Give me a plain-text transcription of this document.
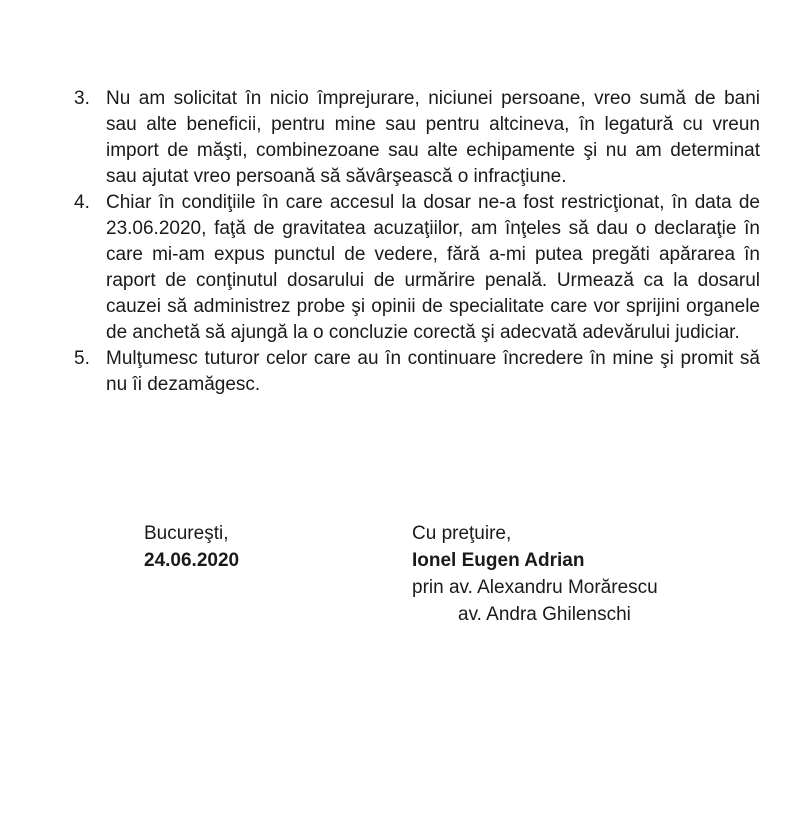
3. Nu am solicitat în nicio împrejurare, niciunei persoane, vreo sumă de bani sau alte beneficii, pentru mine sau pentru altcineva, în legatură cu vreun import de măşti, combinezoane sau alte echipamente şi nu am determinat sau ajutat vreo persoană să săvârşească o infracţiune.
4. Chiar în condiţiile în care accesul la dosar ne-a fost restricţionat, în data de 23.06.2020, faţă de gravitatea acuzaţiilor, am înţeles să dau o declaraţie în care mi-am expus punctul de vedere, fără a-mi putea pregăti apărarea în raport de conţinutul dosarului de urmărire penală. Urmează ca la dosarul cauzei să administrez probe şi opinii de specialitate care vor sprijini organele de anchetă să ajungă la o concluzie corectă şi adecvată adevărului judiciar.
5. Mulţumesc tuturor celor care au în continuare încredere în mine şi promit să nu îi dezamăgesc.
Bucureşti,
24.06.2020
Cu preţuire,
Ionel Eugen Adrian
prin av. Alexandru Morărescu
av. Andra Ghilenschi
